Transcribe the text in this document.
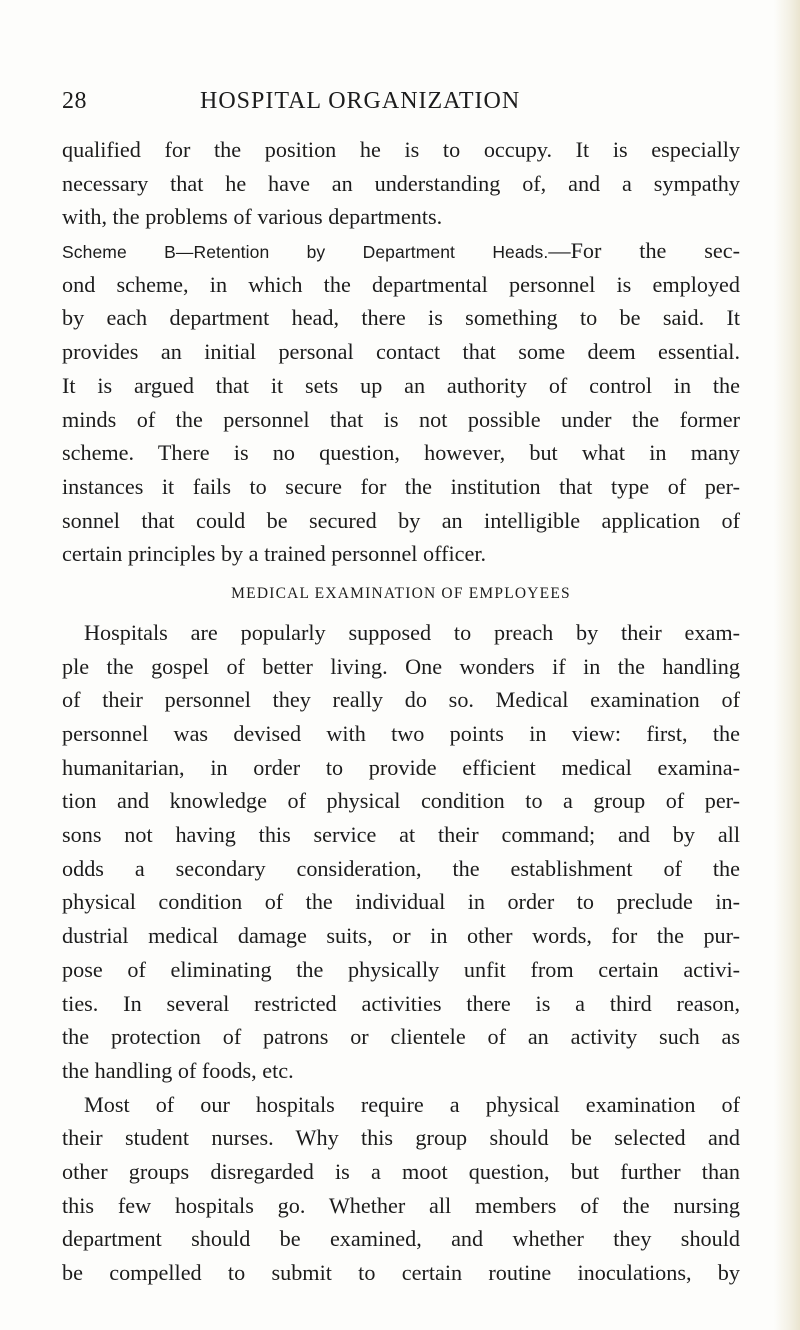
28	HOSPITAL ORGANIZATION
qualified for the position he is to occupy. It is especially
necessary that he have an understanding of, and a sympathy
with, the problems of various departments.
Scheme B—Retention by Department Heads.—For the sec-
ond scheme, in which the departmental personnel is employed
by each department head, there is something to be said. It
provides an initial personal contact that some deem essential.
It is argued that it sets up an authority of control in the
minds of the personnel that is not possible under the former
scheme. There is no question, however, but what in many
instances it fails to secure for the institution that type of per-
sonnel that could be secured by an intelligible application of
certain principles by a trained personnel officer.
MEDICAL EXAMINATION OF EMPLOYEES
Hospitals are popularly supposed to preach by their exam-
ple the gospel of better living. One wonders if in the handling
of their personnel they really do so. Medical examination of
personnel was devised with two points in view: first, the
humanitarian, in order to provide efficient medical examina-
tion and knowledge of physical condition to a group of per-
sons not having this service at their command; and by all
odds a secondary consideration, the establishment of the
physical condition of the individual in order to preclude in-
dustrial medical damage suits, or in other words, for the pur-
pose of eliminating the physically unfit from certain activi-
ties. In several restricted activities there is a third reason,
the protection of patrons or clientele of an activity such as
the handling of foods, etc.
Most of our hospitals require a physical examination of
their student nurses. Why this group should be selected and
other groups disregarded is a moot question, but further than
this few hospitals go. Whether all members of the nursing
department should be examined, and whether they should
be compelled to submit to certain routine inoculations, by
